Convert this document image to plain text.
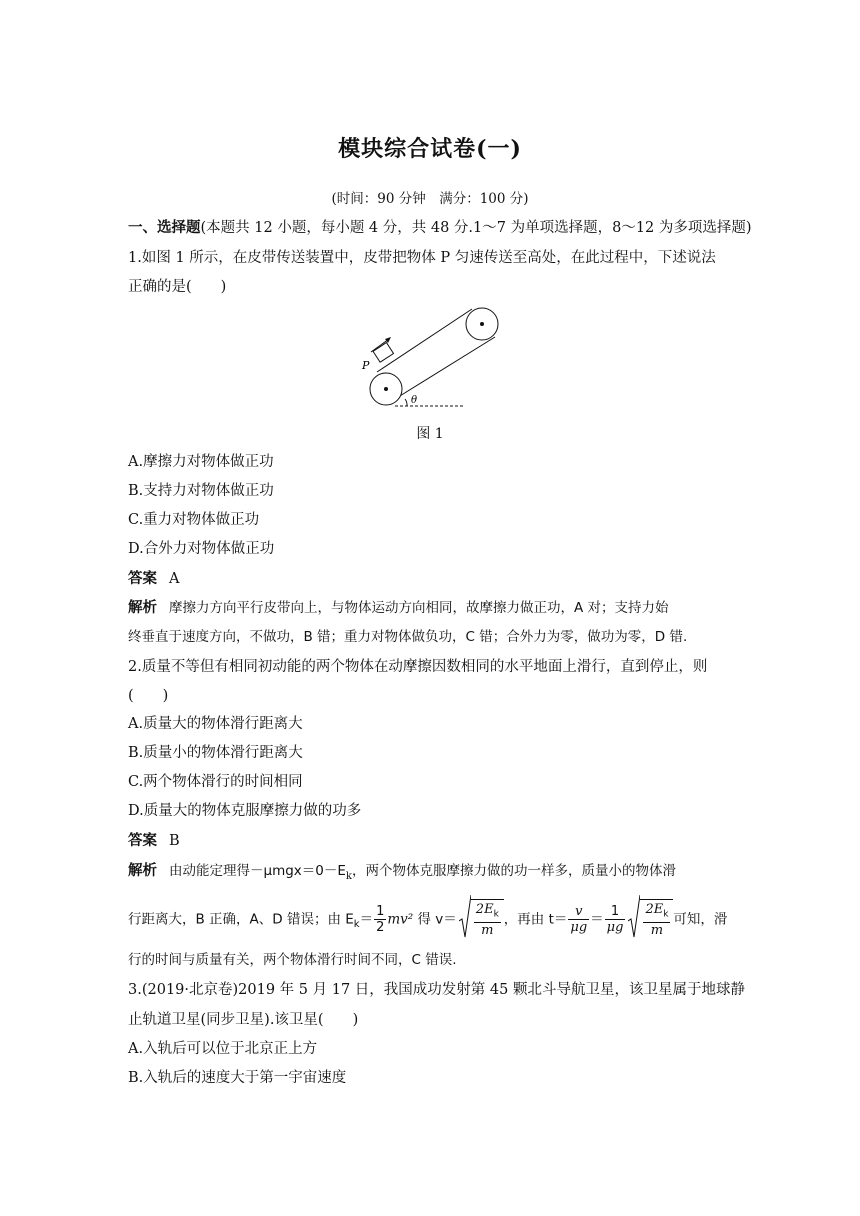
模块综合试卷(一)
(时间：90 分钟　满分：100 分)
一、选择题(本题共 12 小题，每小题 4 分，共 48 分.1～7 为单项选择题，8～12 为多项选择题)
1.如图 1 所示，在皮带传送装置中，皮带把物体 P 匀速传送至高处，在此过程中，下述说法
正确的是(　　)
P
θ
图 1
A.摩擦力对物体做正功
B.支持力对物体做正功
C.重力对物体做正功
D.合外力对物体做正功
答案 A
解析 摩擦力方向平行皮带向上，与物体运动方向相同，故摩擦力做正功，A 对；支持力始
终垂直于速度方向，不做功，B 错；重力对物体做负功，C 错；合外力为零，做功为零，D 错.
2.质量不等但有相同初动能的两个物体在动摩擦因数相同的水平地面上滑行，直到停止，则
(　　)
A.质量大的物体滑行距离大
B.质量小的物体滑行距离大
C.两个物体滑行的时间相同
D.质量大的物体克服摩擦力做的功多
答案 B
解析 由动能定理得$-\mu mgx=0-E_k$，两个物体克服摩擦力做的功一样多，质量小的物体滑
行距离大，B 正确，A、D 错误；由 $E_k= \frac{1}{2} mv^2$ 得 $v= \frac{2E_k}{m}$ ，再由 $t= \frac{v}{\mu g} = \frac{1}{\mu g} \frac{2E_k}{m}$ 可知，滑
行的时间与质量有关，两个物体滑行时间不同，C 错误.
3.(2019·北京卷)2019 年 5 月 17 日，我国成功发射第 45 颗北斗导航卫星，该卫星属于地球静
止轨道卫星(同步卫星).该卫星(　　)
A.入轨后可以位于北京正上方
B.入轨后的速度大于第一宇宙速度
